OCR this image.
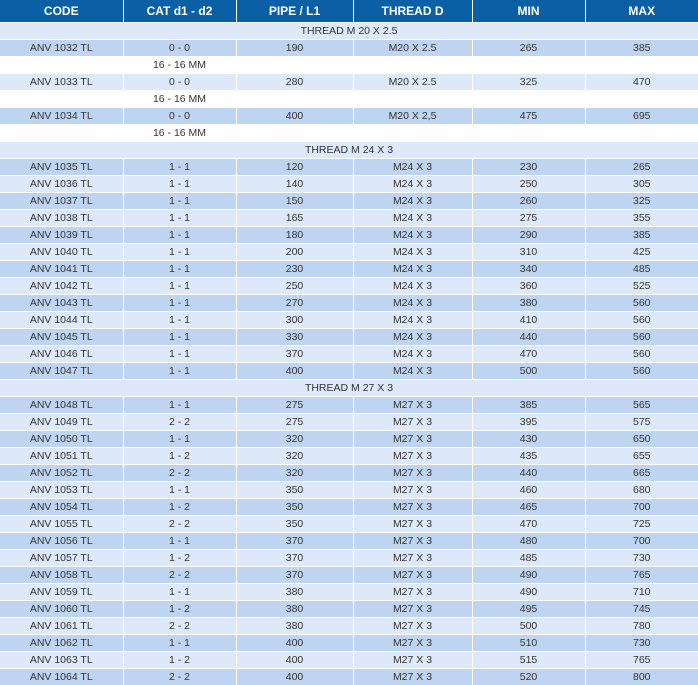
CODE	CAT d1 - d2	PIPE / L1	THREAD D	MIN	MAX
THREAD M 20 X 2.5					
ANV 1032 TL	0 - 0	190	M20 X 2.5	265	385
	16 - 16 MM				
ANV 1033 TL	0 - 0	280	M20 X 2.5	325	470
	16 - 16 MM				
ANV 1034 TL	0 - 0	400	M20 X 2,5	475	695
	16 - 16 MM				
THREAD M 24 X 3					
ANV 1035 TL	1 - 1	120	M24 X 3	230	265
ANV 1036 TL	1 - 1	140	M24 X 3	250	305
ANV 1037 TL	1 - 1	150	M24 X 3	260	325
ANV 1038 TL	1 - 1	165	M24 X 3	275	355
ANV 1039 TL	1 - 1	180	M24 X 3	290	385
ANV 1040 TL	1 - 1	200	M24 X 3	310	425
ANV 1041 TL	1 - 1	230	M24 X 3	340	485
ANV 1042 TL	1 - 1	250	M24 X 3	360	525
ANV 1043 TL	1 - 1	270	M24 X 3	380	560
ANV 1044 TL	1 - 1	300	M24 X 3	410	560
ANV 1045 TL	1 - 1	330	M24 X 3	440	560
ANV 1046 TL	1 - 1	370	M24 X 3	470	560
ANV 1047 TL	1 - 1	400	M24 X 3	500	560
THREAD M 27 X 3					
ANV 1048 TL	1 - 1	275	M27 X 3	385	565
ANV 1049 TL	2 - 2	275	M27 X 3	395	575
ANV 1050 TL	1 - 1	320	M27 X 3	430	650
ANV 1051 TL	1 - 2	320	M27 X 3	435	655
ANV 1052 TL	2 - 2	320	M27 X 3	440	665
ANV 1053 TL	1 - 1	350	M27 X 3	460	680
ANV 1054 TL	1 - 2	350	M27 X 3	465	700
ANV 1055 TL	2 - 2	350	M27 X 3	470	725
ANV 1056 TL	1 - 1	370	M27 X 3	480	700
ANV 1057 TL	1 - 2	370	M27 X 3	485	730
ANV 1058 TL	2 - 2	370	M27 X 3	490	765
ANV 1059 TL	1 - 1	380	M27 X 3	490	710
ANV 1060 TL	1 - 2	380	M27 X 3	495	745
ANV 1061 TL	2 - 2	380	M27 X 3	500	780
ANV 1062 TL	1 - 1	400	M27 X 3	510	730
ANV 1063 TL	1 - 2	400	M27 X 3	515	765
ANV 1064 TL	2 - 2	400	M27 X 3	520	800
